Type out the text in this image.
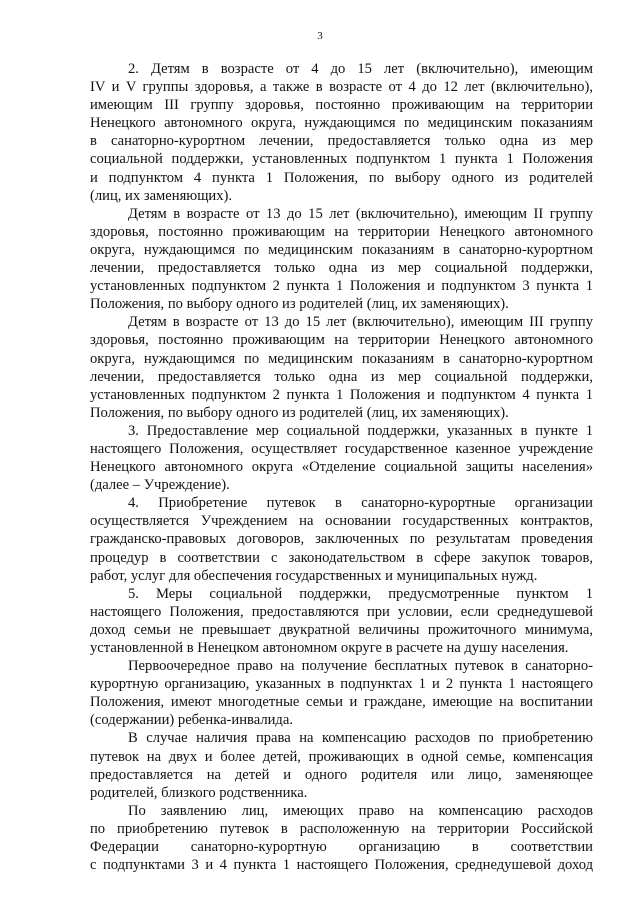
3
2. Детям в возрасте от 4 до 15 лет (включительно), имеющим
IV и V группы здоровья, а также в возрасте от 4 до 12 лет (включительно),
имеющим III группу здоровья, постоянно проживающим на территории
Ненецкого автономного округа, нуждающимся по медицинским показаниям
в санаторно-курортном лечении, предоставляется только одна из мер
социальной поддержки, установленных подпунктом 1 пункта 1 Положения
и подпунктом 4 пункта 1 Положения, по выбору одного из родителей
(лиц, их заменяющих).
Детям в возрасте от 13 до 15 лет (включительно), имеющим II группу
здоровья, постоянно проживающим на территории Ненецкого автономного
округа, нуждающимся по медицинским показаниям в санаторно-курортном
лечении, предоставляется только одна из мер социальной поддержки,
установленных подпунктом 2 пункта 1 Положения и подпунктом 3 пункта 1
Положения, по выбору одного из родителей (лиц, их заменяющих).
Детям в возрасте от 13 до 15 лет (включительно), имеющим III группу
здоровья, постоянно проживающим на территории Ненецкого автономного
округа, нуждающимся по медицинским показаниям в санаторно-курортном
лечении, предоставляется только одна из мер социальной поддержки,
установленных подпунктом 2 пункта 1 Положения и подпунктом 4 пункта 1
Положения, по выбору одного из родителей (лиц, их заменяющих).
3. Предоставление мер социальной поддержки, указанных в пункте 1
настоящего Положения, осуществляет государственное казенное учреждение
Ненецкого автономного округа «Отделение социальной защиты населения»
(далее – Учреждение).
4. Приобретение путевок в санаторно-курортные организации
осуществляется Учреждением на основании государственных контрактов,
гражданско-правовых договоров, заключенных по результатам проведения
процедур в соответствии с законодательством в сфере закупок товаров,
работ, услуг для обеспечения государственных и муниципальных нужд.
5. Меры социальной поддержки, предусмотренные пунктом 1
настоящего Положения, предоставляются при условии, если среднедушевой
доход семьи не превышает двукратной величины прожиточного минимума,
установленной в Ненецком автономном округе в расчете на душу населения.
Первоочередное право на получение бесплатных путевок в санаторно-
курортную организацию, указанных в подпунктах 1 и 2 пункта 1 настоящего
Положения, имеют многодетные семьи и граждане, имеющие на воспитании
(содержании) ребенка-инвалида.
В случае наличия права на компенсацию расходов по приобретению
путевок на двух и более детей, проживающих в одной семье, компенсация
предоставляется на детей и одного родителя или лицо, заменяющее
родителей, близкого родственника.
По заявлению лиц, имеющих право на компенсацию расходов
по приобретению путевок в расположенную на территории Российской
Федерации санаторно-курортную организацию в соответствии
с подпунктами 3 и 4 пункта 1 настоящего Положения, среднедушевой доход
